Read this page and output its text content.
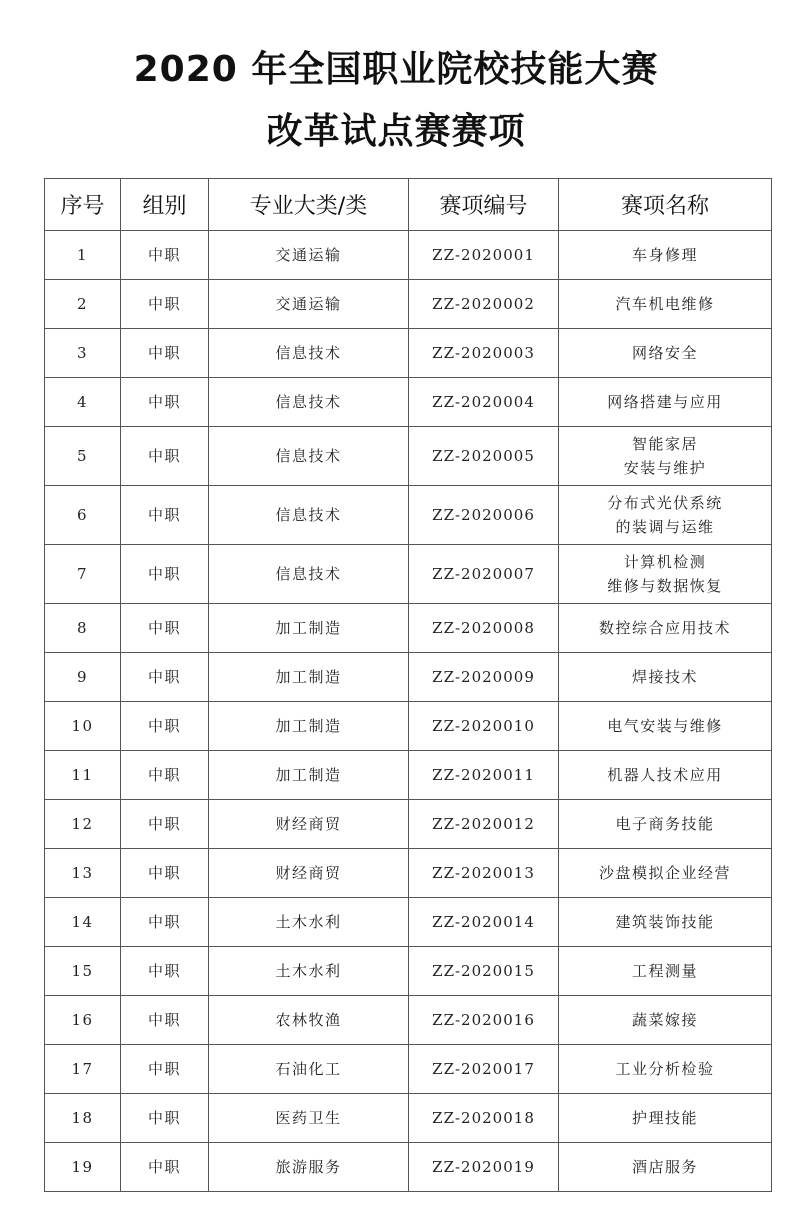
2020 年全国职业院校技能大赛
改革试点赛赛项
序号	组别	专业大类/类	赛项编号	赛项名称
1	中职	交通运输	ZZ-2020001	车身修理

2	中职	交通运输	ZZ-2020002	汽车机电维修

3	中职	信息技术	ZZ-2020003	网络安全

4	中职	信息技术	ZZ-2020004	网络搭建与应用

5	中职	信息技术	ZZ-2020005	智能家居
安装与维护

6	中职	信息技术	ZZ-2020006	分布式光伏系统
的装调与运维

7	中职	信息技术	ZZ-2020007	计算机检测
维修与数据恢复

8	中职	加工制造	ZZ-2020008	数控综合应用技术

9	中职	加工制造	ZZ-2020009	焊接技术

10	中职	加工制造	ZZ-2020010	电气安装与维修

11	中职	加工制造	ZZ-2020011	机器人技术应用

12	中职	财经商贸	ZZ-2020012	电子商务技能

13	中职	财经商贸	ZZ-2020013	沙盘模拟企业经营

14	中职	土木水利	ZZ-2020014	建筑装饰技能

15	中职	土木水利	ZZ-2020015	工程测量

16	中职	农林牧渔	ZZ-2020016	蔬菜嫁接

17	中职	石油化工	ZZ-2020017	工业分析检验

18	中职	医药卫生	ZZ-2020018	护理技能

19	中职	旅游服务	ZZ-2020019	酒店服务
